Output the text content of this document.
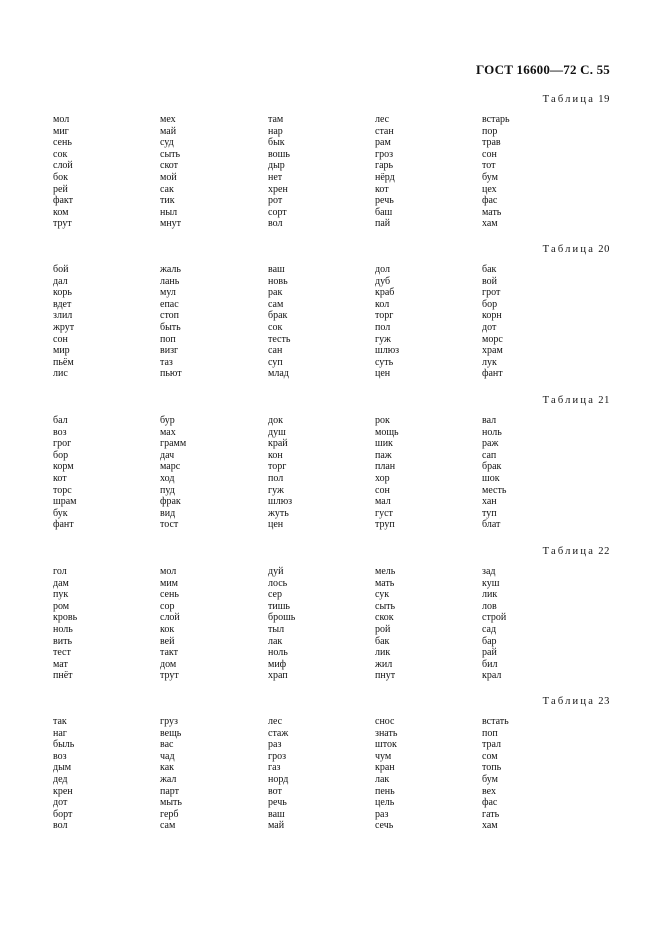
ГОСТ 16600—72 С. 55
Таблица 19
мол
миг
сень
сок
слой
бок
рей
факт
ком
трут
мех
май
суд
сыть
скот
мой
сак
тик
ныл
мнут
там
нар
бык
вошь
дыр
нет
хрен
рот
сорт
вол
лес
стан
рам
гроз
гарь
нёрд
кот
речь
баш
пай
встарь
пор
трав
сон
тот
бум
цех
фас
мать
хам
Таблица 20
бой
дал
корь
вдет
злил
жрут
сон
мир
пьём
лис
жаль
лань
мул
епас
стоп
быть
поп
визг
таз
пьют
ваш
новь
рак
сам
брак
сок
тесть
сан
суп
млад
дол
дуб
краб
кол
торг
пол
гуж
шлюз
суть
цен
бак
вой
грот
бор
корн
дот
морс
храм
лук
фант
Таблица 21
бал
воз
грог
бор
корм
кот
торс
шрам
бук
фант
бур
мах
грамм
дач
марс
ход
пуд
фрак
вид
тост
док
душ
край
кон
торг
пол
гуж
шлюз
жуть
цен
рок
мощь
шик
паж
план
хор
сон
мал
густ
труп
вал
ноль
раж
сап
брак
шок
месть
хан
туп
блат
Таблица 22
гол
дам
пук
ром
кровь
ноль
вить
тест
мат
пнёт
мол
мим
сень
сор
слой
кок
вей
такт
дом
трут
дуй
лось
сер
тишь
брошь
тыл
лак
ноль
миф
храп
мель
мать
сук
сыть
скок
рой
бак
лик
жил
пнут
зад
куш
лик
лов
строй
сад
бар
рай
бил
крал
Таблица 23
так
наг
быль
воз
дым
дед
крен
дот
борт
вол
груз
вещь
вас
чад
как
жал
парт
мыть
герб
сам
лес
стаж
раз
гроз
газ
норд
вот
речь
ваш
май
снос
знать
шток
чум
кран
лак
пень
цель
раз
сечь
встать
поп
трал
сом
топь
бум
вех
фас
гать
хам
